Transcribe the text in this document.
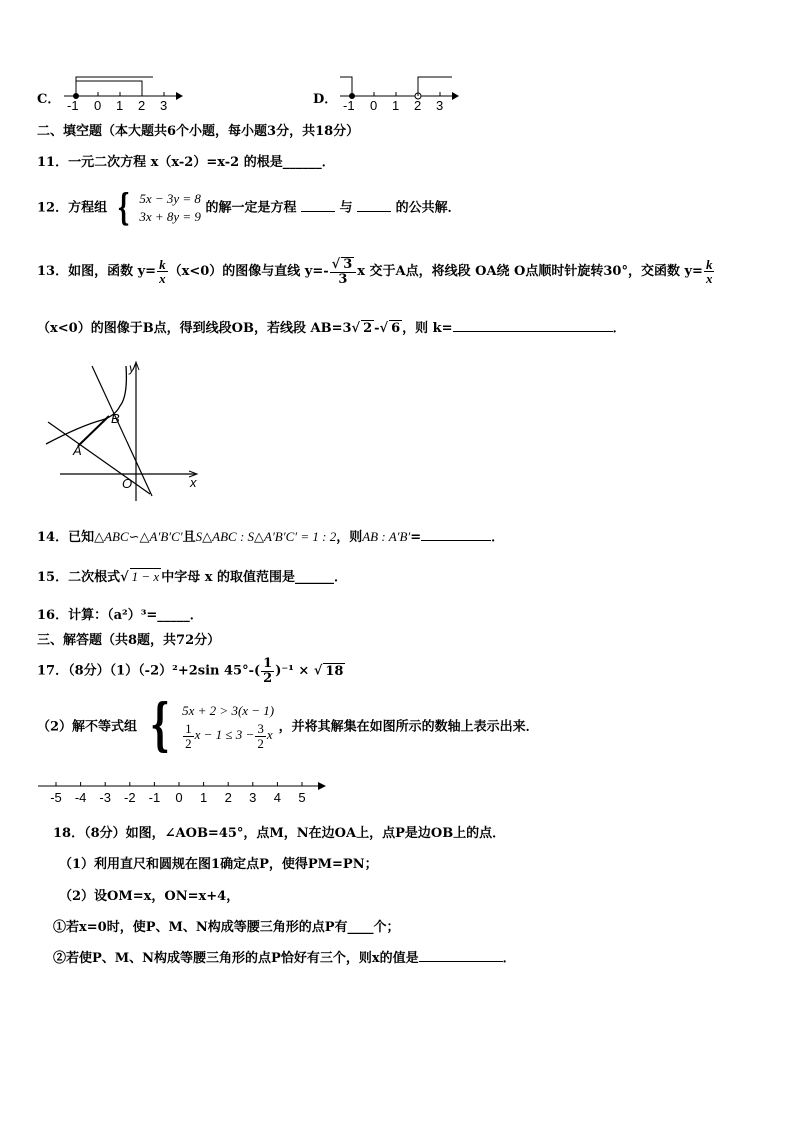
C． -1 0 1 2 3	D． -1 0 1 2 3
二、填空题（本大题共6个小题，每小题3分，共18分）
11．一元二次方程 x（x-2）=x-2 的根是______．
12．方程组 { 5x − 3y = 8
3x + 8y = 9
的解一定是方程	与	的公共解．
13．如图，函数 $y= \frac{k}{x} (x<0)$的图像与直线 $y=- \frac{√ 3}{3}$ x 交于A点，将线段 OA绕 O点顺时针旋转30°，交函数 $y= \frac{k}{x}$
（x<0）的图像于B点，得到线段OB，若线段 AB=3√ 2 -√ 6 ，则 k=	．
y
x
O
A
B
14．已知△ABC∽△A′B′C′且S△ABC : S△A′B′C′ = 1 : 2，则AB : A′B′=	．
15．二次根式√ 1 − x 中字母 x 的取值范围是______．
16．计算：（a²）³=_____．
三、解答题（共8题，共72分）
17．（8分）（1）（-2）²+2sin $45^\circ-( \frac{1}{2} )^{-1}$ × √ 18
（2）解不等式组 { 5x + 2 > 3(x − 1)
$\frac{1}{2}$ $x - 1 \le 3 - \frac{3}{2}$ x ，并将其解集在如图所示的数轴上表示出来．
-5 -4 -3 -2 -1 0 1 2 3 4 5
18．（8分）如图，∠AOB=45°，点M，N在边OA上，点P是边OB上的点．
（1）利用直尺和圆规在图1确定点P，使得PM=PN；
（2）设OM=x，ON=x+4，
①若x=0时，使P、M、N构成等腰三角形的点P有____个；
②若使P、M、N构成等腰三角形的点P恰好有三个，则x的值是	．
